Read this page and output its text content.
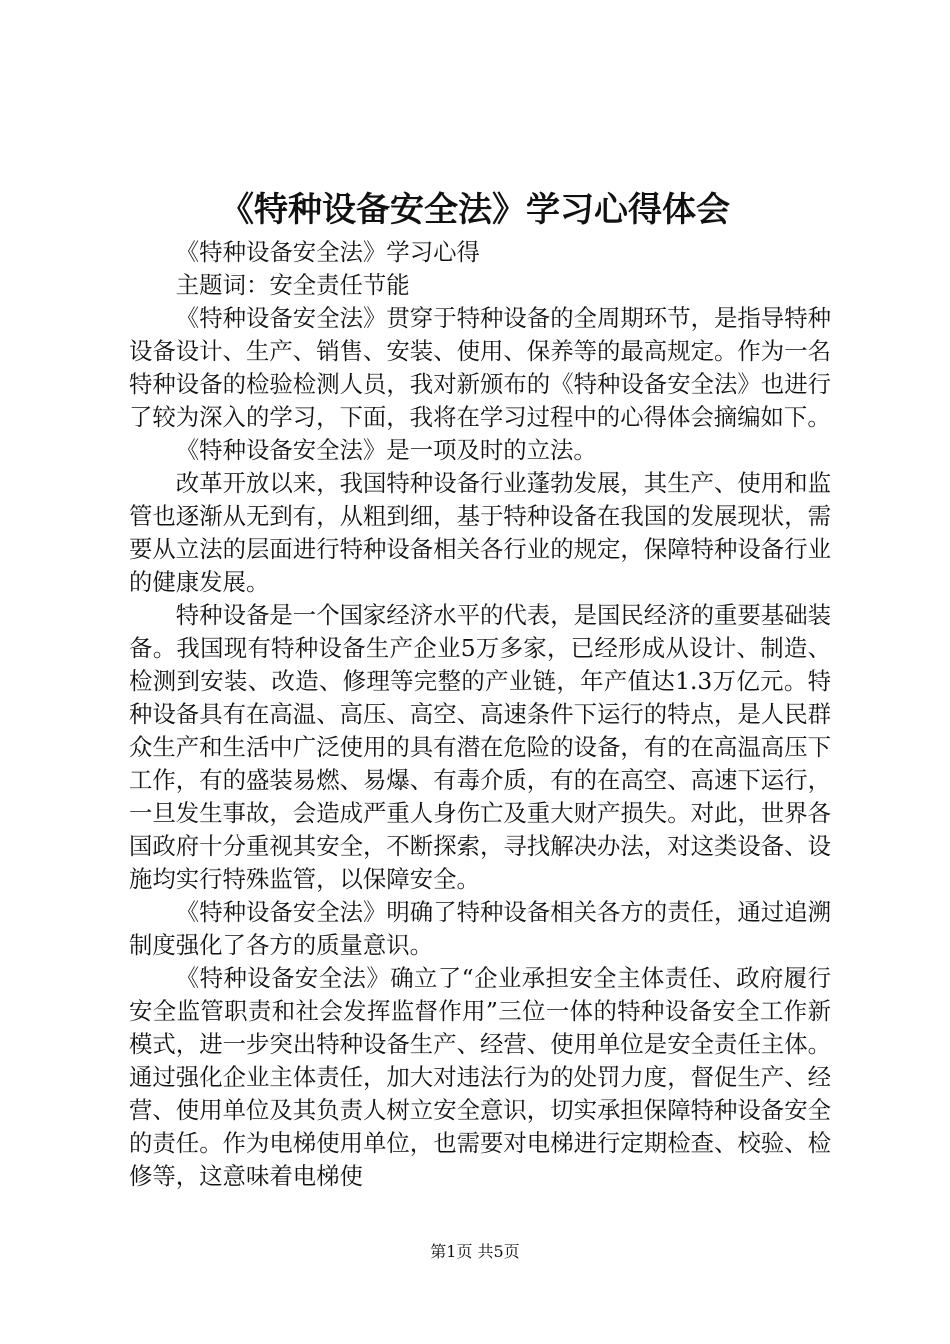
《特种设备安全法》学习心得体会

《特种设备安全法》学习心得

主题词：安全责任节能

《特种设备安全法》贯穿于特种设备的全周期环节，是指导特种设备设计、生产、销售、安装、使用、保养等的最高规定。作为一名特种设备的检验检测人员，我对新颁布的《特种设备安全法》也进行了较为深入的学习，下面，我将在学习过程中的心得体会摘编如下。

《特种设备安全法》是一项及时的立法。

改革开放以来，我国特种设备行业蓬勃发展，其生产、使用和监管也逐渐从无到有，从粗到细，基于特种设备在我国的发展现状，需要从立法的层面进行特种设备相关各行业的规定，保障特种设备行业的健康发展。

特种设备是一个国家经济水平的代表，是国民经济的重要基础装备。我国现有特种设备生产企业5万多家，已经形成从设计、制造、检测到安装、改造、修理等完整的产业链，年产值达1.3万亿元。特种设备具有在高温、高压、高空、高速条件下运行的特点，是人民群众生产和生活中广泛使用的具有潜在危险的设备，有的在高温高压下工作，有的盛装易燃、易爆、有毒介质，有的在高空、高速下运行，一旦发生事故，会造成严重人身伤亡及重大财产损失。对此，世界各国政府十分重视其安全，不断探索，寻找解决办法，对这类设备、设施均实行特殊监管，以保障安全。

《特种设备安全法》明确了特种设备相关各方的责任，通过追溯制度强化了各方的质量意识。

《特种设备安全法》确立了“企业承担安全主体责任、政府履行安全监管职责和社会发挥监督作用”三位一体的特种设备安全工作新模式，进一步突出特种设备生产、经营、使用单位是安全责任主体。通过强化企业主体责任，加大对违法行为的处罚力度，督促生产、经营、使用单位及其负责人树立安全意识，切实承担保障特种设备安全的责任。作为电梯使用单位，也需要对电梯进行定期检查、校验、检修等，这意味着电梯使

第1页 共5页
